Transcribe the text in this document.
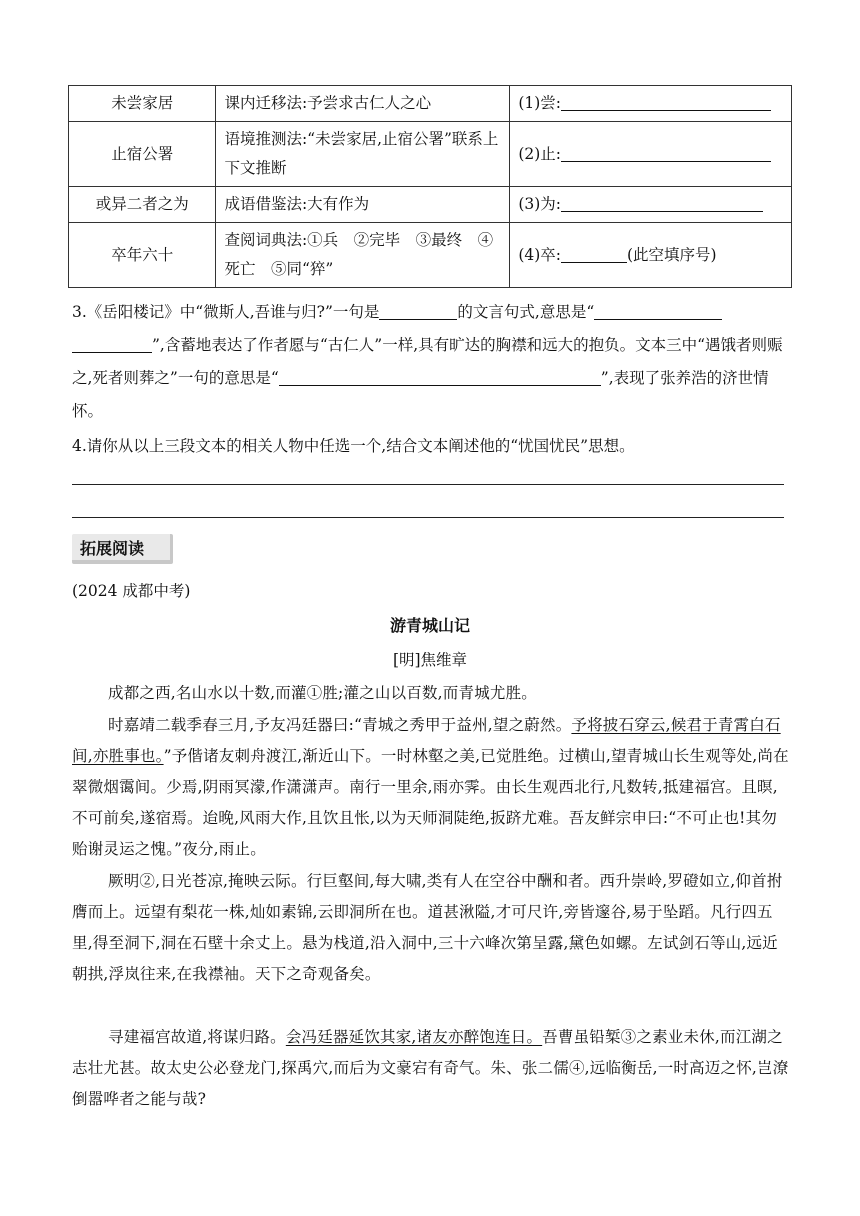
未尝家居	课内迁移法:予尝求古仁人之心	(1)尝:
止宿公署	语境推测法:“未尝家居,止宿公署”联系上下文推断	(2)止:
或异二者之为	成语借鉴法:大有作为	(3)为:
卒年六十	查阅词典法:①兵　②完毕　③最终　④死亡　⑤同“猝”	(4)卒: (此空填序号)
3.《岳阳楼记》中“微斯人,吾谁与归?”一句是	的文言句式,意思是“”,含蓄地表达了作者愿与“古仁人”一样,具有旷达的胸襟和远大的抱负。文本三中“遇饿者则赈之,死者则葬之”一句的意思是“	”,表现了张养浩的济世情怀。
4.请你从以上三段文本的相关人物中任选一个,结合文本阐述他的“忧国忧民”思想。
拓展阅读
(2024 成都中考)
游青城山记
[明]焦维章
成都之西,名山水以十数,而灌①胜;灌之山以百数,而青城尤胜。
时嘉靖二载季春三月,予友冯廷器曰:“青城之秀甲于益州,望之蔚然。予将披石穿云,候君于青霄白石间,亦胜事也。”予偕诸友刺舟渡江,渐近山下。一时林壑之美,已觉胜绝。过横山,望青城山长生观等处,尚在翠微烟霭间。少焉,阴雨冥濛,作潇潇声。南行一里余,雨亦霁。由长生观西北行,凡数转,抵建福宫。且暝,不可前矣,遂宿焉。迨晚,风雨大作,且饮且怅,以为天师洞陡绝,扳跻尤难。吾友鲜宗申曰:“不可止也!其勿贻谢灵运之愧。”夜分,雨止。
厥明②,日光苍凉,掩映云际。行巨壑间,每大啸,类有人在空谷中酬和者。西升崇岭,罗磴如立,仰首拊膺而上。远望有梨花一株,灿如素锦,云即洞所在也。道甚湫隘,才可尺许,旁皆邃谷,易于坠蹈。凡行四五里,得至洞下,洞在石壁十余丈上。悬为栈道,沿入洞中,三十六峰次第呈露,黛色如螺。左试剑石等山,远近朝拱,浮岚往来,在我襟袖。天下之奇观备矣。
寻建福宫故道,将谋归路。会冯廷器延饮其家,诸友亦醉饱连日。吾曹虽铅椠③之素业未休,而江湖之志壮尤甚。故太史公必登龙门,探禹穴,而后为文豪宕有奇气。朱、张二儒④,远临衡岳,一时高迈之怀,岂潦倒嚣哗者之能与哉?
